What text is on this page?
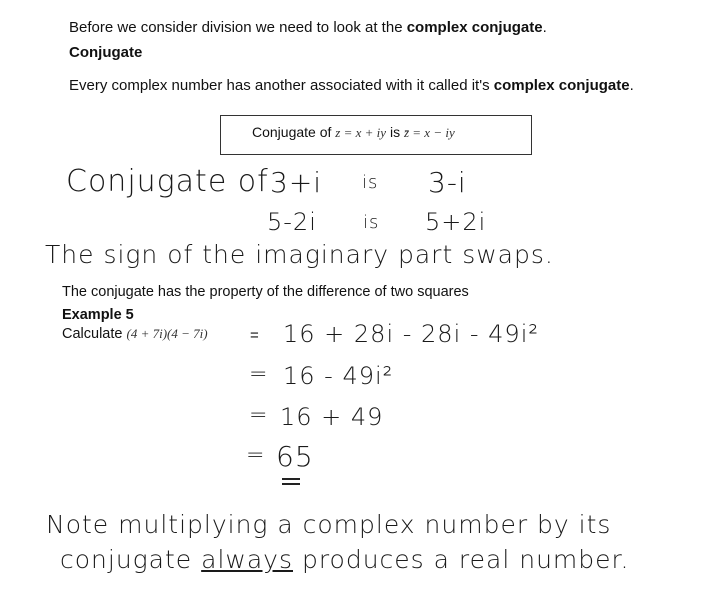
Before we consider division we need to look at the complex conjugate.
Conjugate
Every complex number has another associated with it called it's complex conjugate.
Conjugate of z = x + iy is z̄ = x − iy
Conjugate of 3+i is 3-i
5-2i	is 5+2i
The sign of the imaginary part swaps.
The conjugate has the property of the difference of two squares
Example 5
Calculate (4 + 7i)(4 − 7i)	= 16 + 28i - 28i - 49i²
= 16 - 49i²
= 16 + 49
= 65
Note multiplying a complex number by its
conjugate always produces a real number.
